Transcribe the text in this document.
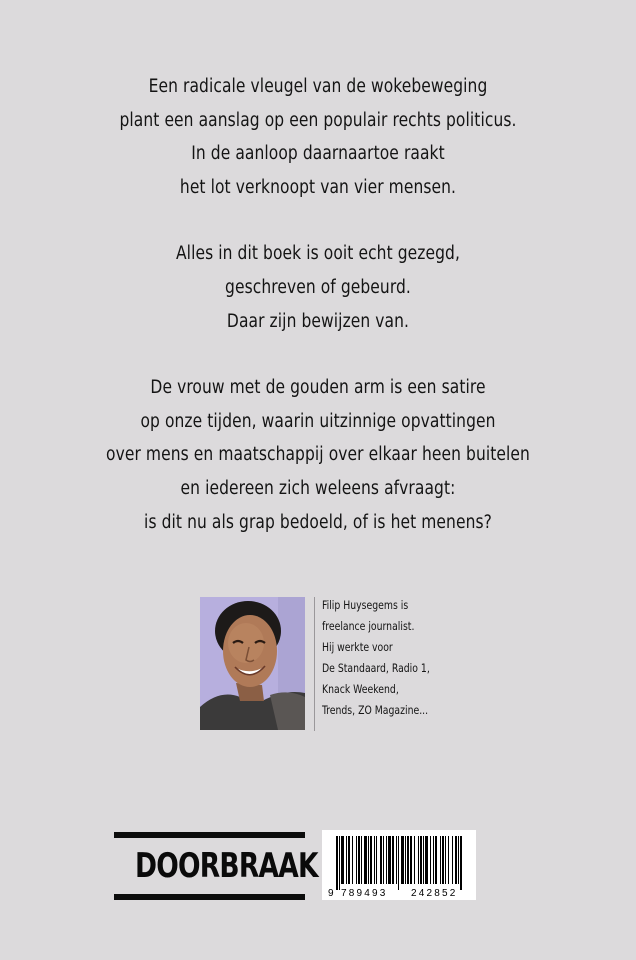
Een radicale vleugel van de wokebeweging
plant een aanslag op een populair rechts politicus.
In de aanloop daarnaartoe raakt
het lot verknoopt van vier mensen.
Alles in dit boek is ooit echt gezegd,
geschreven of gebeurd.
Daar zijn bewijzen van.
De vrouw met de gouden arm is een satire
op onze tijden, waarin uitzinnige opvattingen
over mens en maatschappij over elkaar heen buitelen
en iedereen zich weleens afvraagt:
is dit nu als grap bedoeld, of is het menens?
Filip Huysegems is
freelance journalist.
Hij werkte voor
De Standaard, Radio 1,
Knack Weekend,
Trends, ZO Magazine...
DOORBRAAK
9 789493 242852
